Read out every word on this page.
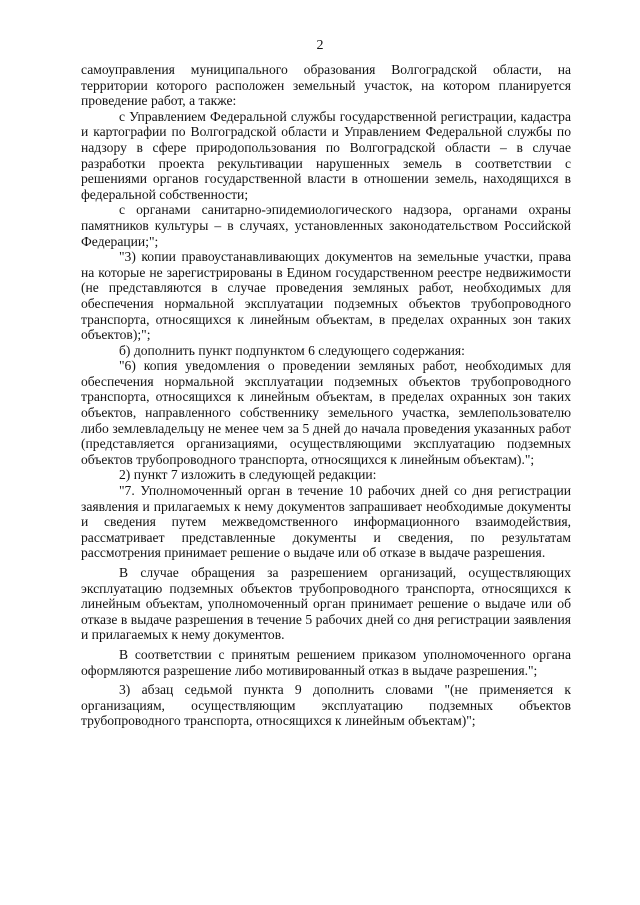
2

самоуправления муниципального образования Волгоградской области, на территории которого расположен земельный участок, на котором планируется проведение работ, а также:

с Управлением Федеральной службы государственной регистрации, кадастра и картографии по Волгоградской области и Управлением Федеральной службы по надзору в сфере природопользования по Волгоградской области – в случае разработки проекта рекультивации нарушенных земель в соответствии с решениями органов государственной власти в отношении земель, находящихся в федеральной собственности;

с органами санитарно-эпидемиологического надзора, органами охраны памятников культуры – в случаях, установленных законодательством Российской Федерации;";

"3) копии правоустанавливающих документов на земельные участки, права на которые не зарегистрированы в Едином государственном реестре недвижимости (не представляются в случае проведения земляных работ, необходимых для обеспечения нормальной эксплуатации подземных объектов трубопроводного транспорта, относящихся к линейным объектам, в пределах охранных зон таких объектов);";

б) дополнить пункт подпунктом 6 следующего содержания:

"6) копия уведомления о проведении земляных работ, необходимых для обеспечения нормальной эксплуатации подземных объектов трубопроводного транспорта, относящихся к линейным объектам, в пределах охранных зон таких объектов, направленного собственнику земельного участка, землепользователю либо землевладельцу не менее чем за 5 дней до начала проведения указанных работ (представляется организациями, осуществляющими эксплуатацию подземных объектов трубопроводного транспорта, относящихся к линейным объектам).";

2) пункт 7 изложить в следующей редакции:

"7. Уполномоченный орган в течение 10 рабочих дней со дня регистрации заявления и прилагаемых к нему документов запрашивает необходимые документы и сведения путем межведомственного информационного взаимодействия, рассматривает представленные документы и сведения, по результатам рассмотрения принимает решение о выдаче или об отказе в выдаче разрешения.

В случае обращения за разрешением организаций, осуществляющих эксплуатацию подземных объектов трубопроводного транспорта, относящихся к линейным объектам, уполномоченный орган принимает решение о выдаче или об отказе в выдаче разрешения в течение 5 рабочих дней со дня регистрации заявления и прилагаемых к нему документов.

В соответствии с принятым решением приказом уполномоченного органа оформляются разрешение либо мотивированный отказ в выдаче разрешения.";

3) абзац седьмой пункта 9 дополнить словами "(не применяется к организациям, осуществляющим эксплуатацию подземных объектов трубопроводного транспорта, относящихся к линейным объектам)";
